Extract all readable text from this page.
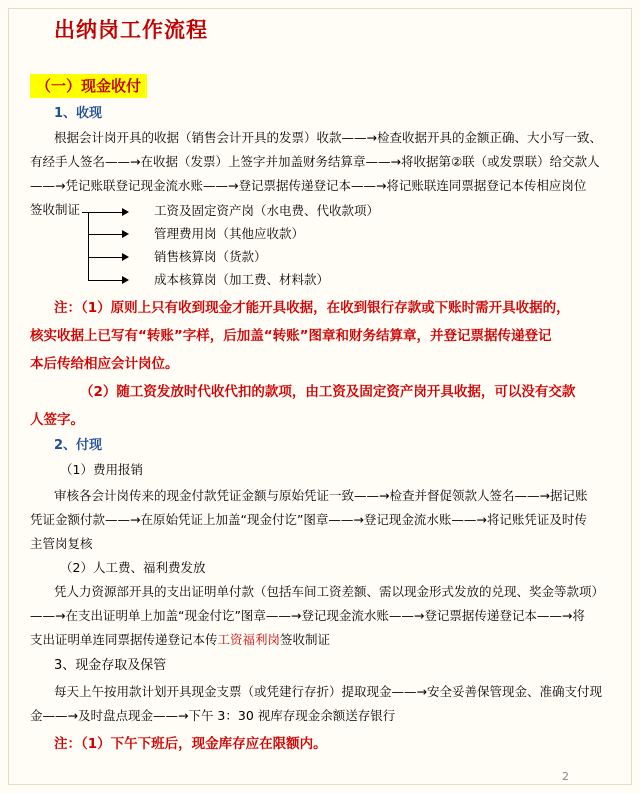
出纳岗工作流程
（一）现金收付
1、收现
根据会计岗开具的收据（销售会计开具的发票）收款——→检查收据开具的金额正确、大小写一致、
有经手人签名——→在收据（发票）上签字并加盖财务结算章——→将收据第②联（或发票联）给交款人
——→凭记账联登记现金流水账——→登记票据传递登记本——→将记账联连同票据登记本传相应岗位
签收制证	工资及固定资产岗（水电费、代收款项）
管理费用岗（其他应收款）
销售核算岗（货款）
成本核算岗（加工费、材料款）
注：（1）原则上只有收到现金才能开具收据，在收到银行存款或下账时需开具收据的，
核实收据上已写有“转账”字样，后加盖“转账”图章和财务结算章，并登记票据传递登记
本后传给相应会计岗位。
（2）随工资发放时代收代扣的款项，由工资及固定资产岗开具收据，可以没有交款
人签字。
2、付现
（1）费用报销
审核各会计岗传来的现金付款凭证金额与原始凭证一致——→检查并督促领款人签名——→据记账
凭证金额付款——→在原始凭证上加盖“现金付讫”图章——→登记现金流水账——→将记账凭证及时传
主管岗复核
（2）人工费、福利费发放
凭人力资源部开具的支出证明单付款（包括车间工资差额、需以现金形式发放的兑现、奖金等款项）
——→在支出证明单上加盖“现金付讫”图章——→登记现金流水账——→登记票据传递登记本——→将
支出证明单连同票据传递登记本传工资福利岗签收制证
3、现金存取及保管
每天上午按用款计划开具现金支票（或凭建行存折）提取现金——→安全妥善保管现金、准确支付现
金——→及时盘点现金——→下午 3：30 视库存现金余额送存银行
注：（1）下午下班后，现金库存应在限额内。
2
